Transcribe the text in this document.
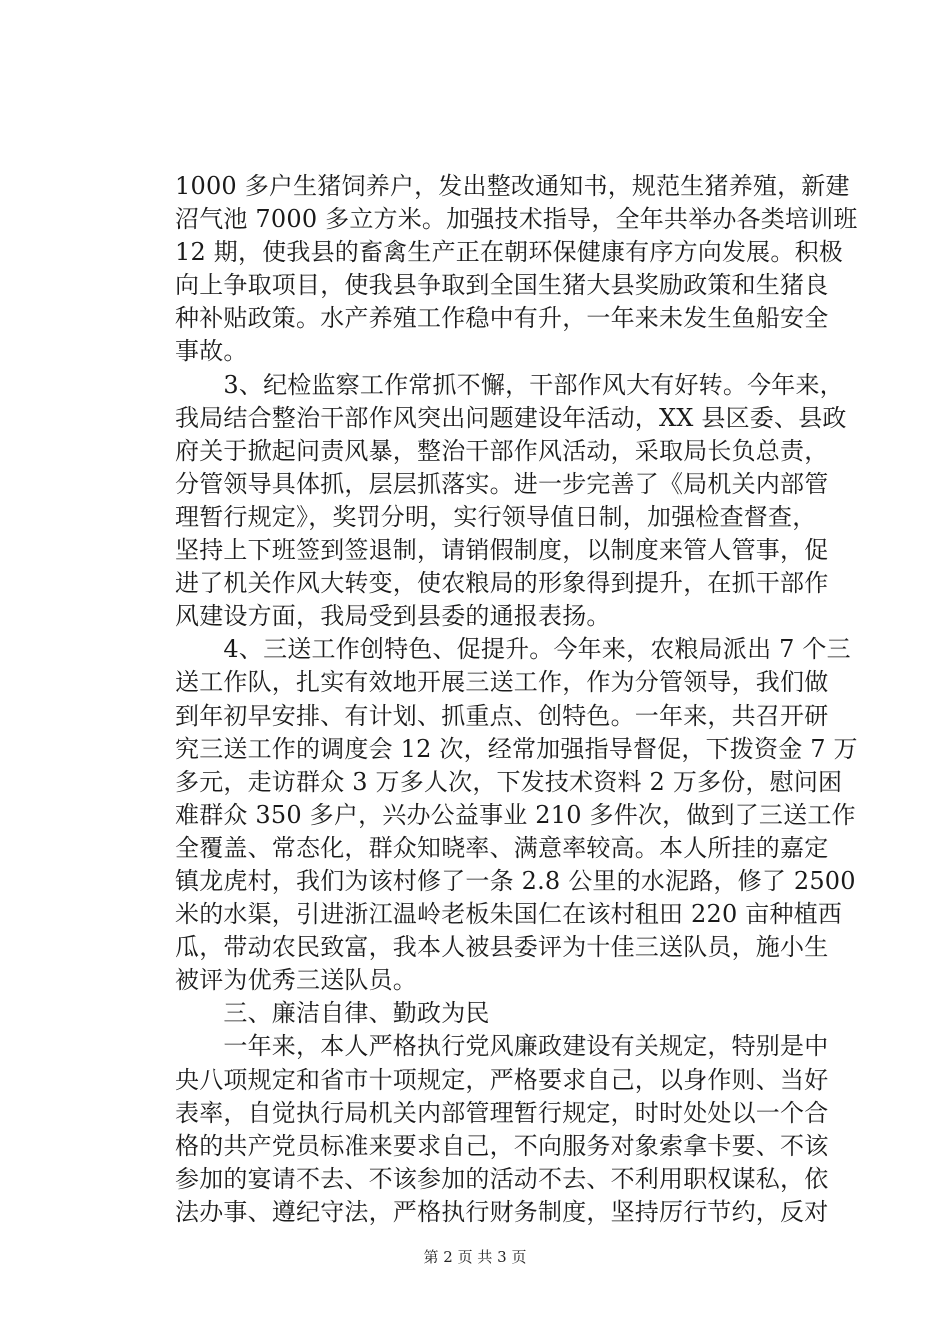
1000 多户生猪饲养户，发出整改通知书，规范生猪养殖，新建
沼气池 7000 多立方米。加强技术指导，全年共举办各类培训班
12 期，使我县的畜禽生产正在朝环保健康有序方向发展。积极
向上争取项目，使我县争取到全国生猪大县奖励政策和生猪良
种补贴政策。水产养殖工作稳中有升，一年来未发生鱼船安全
事故。
　　3、纪检监察工作常抓不懈，干部作风大有好转。今年来，
我局结合整治干部作风突出问题建设年活动，XX 县区委、县政
府关于掀起问责风暴，整治干部作风活动，采取局长负总责，
分管领导具体抓，层层抓落实。进一步完善了《局机关内部管
理暂行规定》，奖罚分明，实行领导值日制，加强检查督查，
坚持上下班签到签退制，请销假制度，以制度来管人管事，促
进了机关作风大转变，使农粮局的形象得到提升，在抓干部作
风建设方面，我局受到县委的通报表扬。
　　4、三送工作创特色、促提升。今年来，农粮局派出 7 个三
送工作队，扎实有效地开展三送工作，作为分管领导，我们做
到年初早安排、有计划、抓重点、创特色。一年来，共召开研
究三送工作的调度会 12 次，经常加强指导督促，下拨资金 7 万
多元，走访群众 3 万多人次，下发技术资料 2 万多份，慰问困
难群众 350 多户，兴办公益事业 210 多件次，做到了三送工作
全覆盖、常态化，群众知晓率、满意率较高。本人所挂的嘉定
镇龙虎村，我们为该村修了一条 2.8 公里的水泥路，修了 2500
米的水渠，引进浙江温岭老板朱国仁在该村租田 220 亩种植西
瓜，带动农民致富，我本人被县委评为十佳三送队员，施小生
被评为优秀三送队员。
　　三、廉洁自律、勤政为民
　　一年来，本人严格执行党风廉政建设有关规定，特别是中
央八项规定和省市十项规定，严格要求自己，以身作则、当好
表率，自觉执行局机关内部管理暂行规定，时时处处以一个合
格的共产党员标准来要求自己，不向服务对象索拿卡要、不该
参加的宴请不去、不该参加的活动不去、不利用职权谋私，依
法办事、遵纪守法，严格执行财务制度，坚持厉行节约，反对
第 2 页 共 3 页
